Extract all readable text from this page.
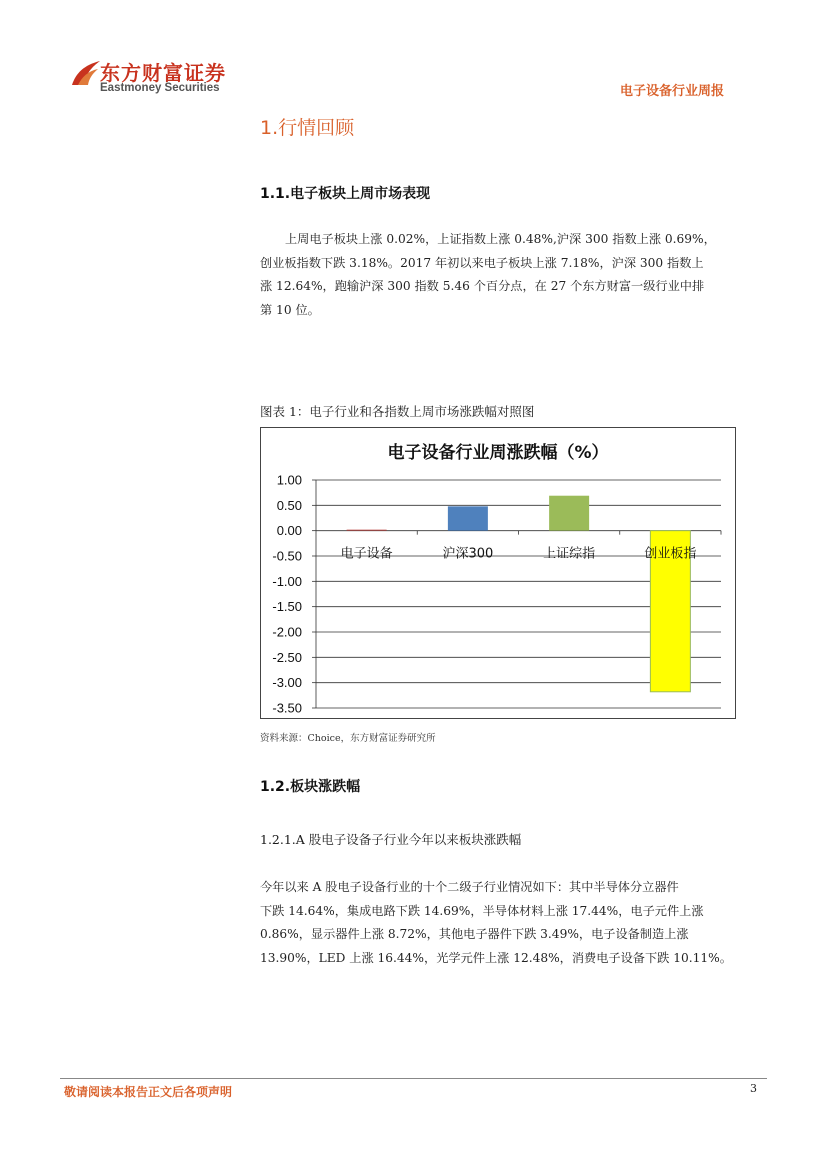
东方财富证券
Eastmoney Securities	电子设备行业周报
1.行情回顾
1.1.电子板块上周市场表现
上周电子板块上涨 0.02%，上证指数上涨 0.48%,沪深 300 指数上涨 0.69%，
创业板指数下跌 3.18%。2017 年初以来电子板块上涨 7.18%，沪深 300 指数上
涨 12.64%，跑输沪深 300 指数 5.46 个百分点，在 27 个东方财富一级行业中排
第 10 位。
图表 1：电子行业和各指数上周市场涨跌幅对照图
电子设备行业周涨跌幅（%）
1.00
0.50
0.00
-0.50
-1.00
-1.50
-2.00
-2.50
-3.00
-3.50
电子设备	沪深300	上证综指	创业板指
资料来源：Choice，东方财富证券研究所
1.2.板块涨跌幅
1.2.1.A 股电子设备子行业今年以来板块涨跌幅
今年以来 A 股电子设备行业的十个二级子行业情况如下：其中半导体分立器件
下跌 14.64%，集成电路下跌 14.69%，半导体材料上涨 17.44%，电子元件上涨
0.86%，显示器件上涨 8.72%，其他电子器件下跌 3.49%，电子设备制造上涨
13.90%，LED 上涨 16.44%，光学元件上涨 12.48%，消费电子设备下跌 10.11%。
敬请阅读本报告正文后各项声明	3
